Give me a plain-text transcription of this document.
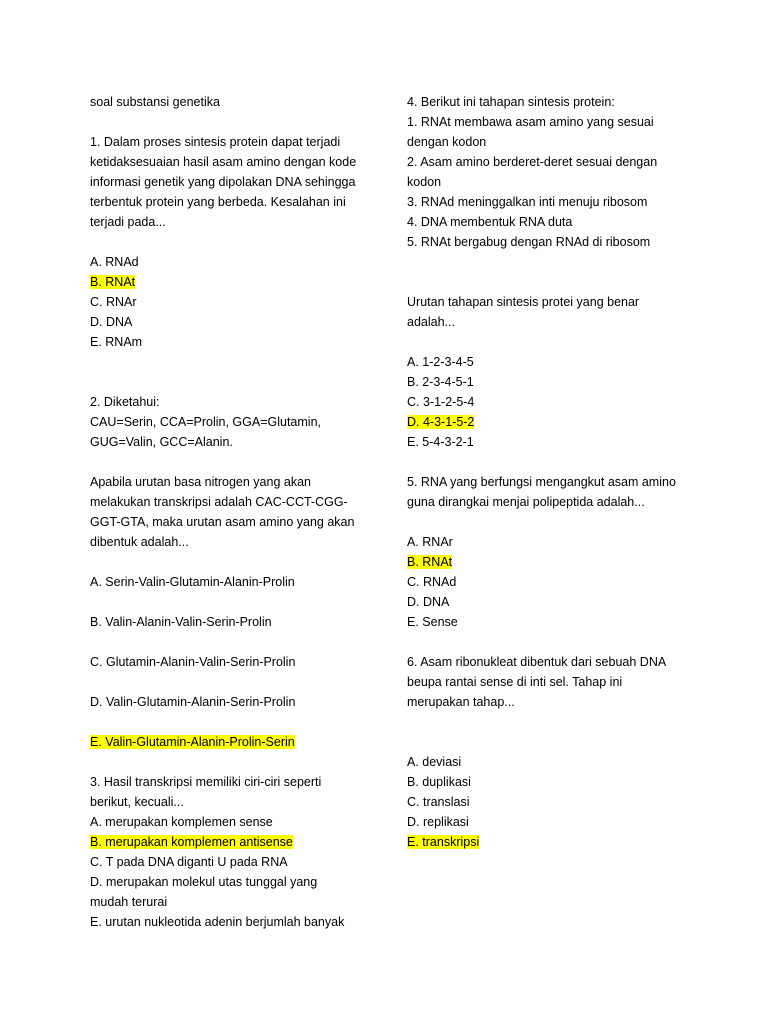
soal substansi genetika
1. Dalam proses sintesis protein dapat terjadi
ketidaksesuaian hasil asam amino dengan kode
informasi genetik yang dipolakan DNA sehingga
terbentuk protein yang berbeda. Kesalahan ini
terjadi pada...
A. RNAd
B. RNAt
C. RNAr
D. DNA
E. RNAm
2. Diketahui:
CAU=Serin, CCA=Prolin, GGA=Glutamin,
GUG=Valin, GCC=Alanin.
Apabila urutan basa nitrogen yang akan
melakukan transkripsi adalah CAC-CCT-CGG-
GGT-GTA, maka urutan asam amino yang akan
dibentuk adalah...
A. Serin-Valin-Glutamin-Alanin-Prolin
B. Valin-Alanin-Valin-Serin-Prolin
C. Glutamin-Alanin-Valin-Serin-Prolin
D. Valin-Glutamin-Alanin-Serin-Prolin
E. Valin-Glutamin-Alanin-Prolin-Serin
3. Hasil transkripsi memiliki ciri-ciri seperti
berikut, kecuali...
A. merupakan komplemen sense
B. merupakan komplemen antisense
C. T pada DNA diganti U pada RNA
D. merupakan molekul utas tunggal yang
mudah terurai
E. urutan nukleotida adenin berjumlah banyak
4. Berikut ini tahapan sintesis protein:
1. RNAt membawa asam amino yang sesuai
dengan kodon
2. Asam amino berderet-deret sesuai dengan
kodon
3. RNAd meninggalkan inti menuju ribosom
4. DNA membentuk RNA duta
5. RNAt bergabug dengan RNAd di ribosom
Urutan tahapan sintesis protei yang benar
adalah...
A. 1-2-3-4-5
B. 2-3-4-5-1
C. 3-1-2-5-4
D. 4-3-1-5-2
E. 5-4-3-2-1
5. RNA yang berfungsi mengangkut asam amino
guna dirangkai menjai polipeptida adalah...
A. RNAr
B. RNAt
C. RNAd
D. DNA
E. Sense
6. Asam ribonukleat dibentuk dari sebuah DNA
beupa rantai sense di inti sel. Tahap ini
merupakan tahap...
A. deviasi
B. duplikasi
C. translasi
D. replikasi
E. transkripsi
